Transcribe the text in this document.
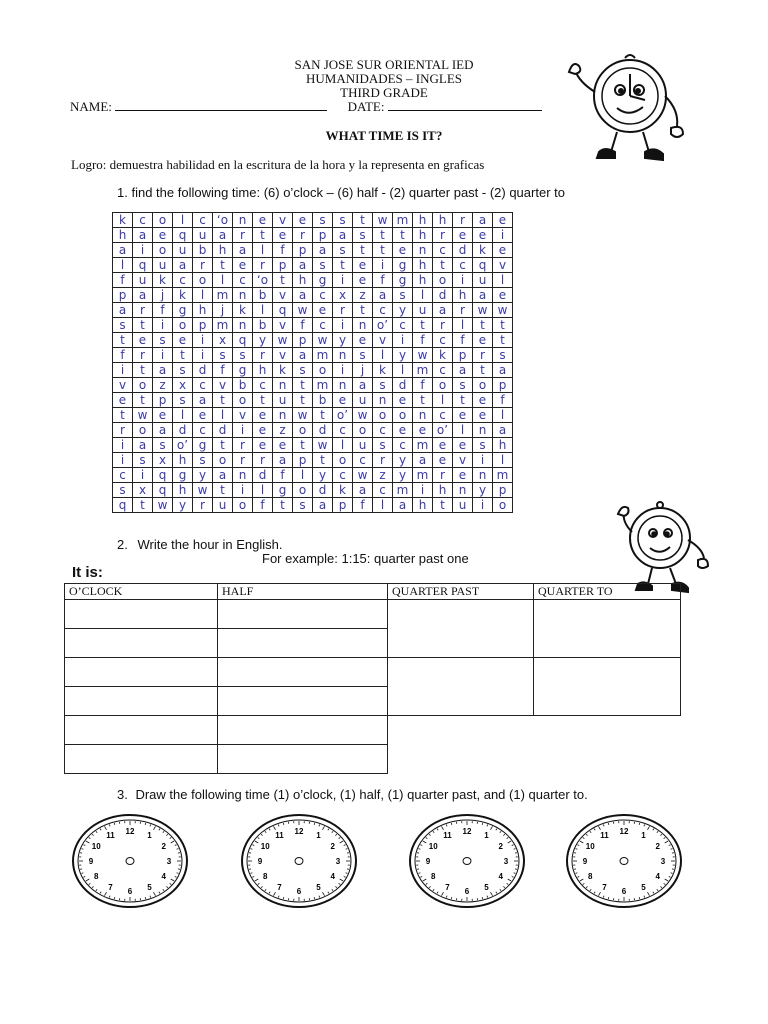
SAN JOSE SUR ORIENTAL IED
HUMANIDADES – INGLES
THIRD GRADE
NAME:	DATE:
WHAT TIME IS IT?
Logro: demuestra habilidad en la escritura de la hora y la representa en graficas
1. find the following time: (6) o’clock – (6) half - (2) quarter past - (2) quarter to
k	c	o	l	c	‘o	n	e	v	e	s	s	t	w	m	h	h	r	a	e
h	a	e	q	u	a	r	t	e	r	p	a	s	t	t	h	r	e	e	i
a	i	o	u	b	h	a	l	f	p	a	s	t	t	e	n	c	d	k	e
l	q	u	a	r	t	e	r	p	a	s	t	e	i	g	h	t	c	q	v
f	u	k	c	o	l	c	‘o	t	h	g	i	e	f	g	h	o	i	u	l
p	a	j	k	l	m	n	b	v	a	c	x	z	a	s	l	d	h	a	e
a	r	f	g	h	j	k	l	q	w	e	r	t	c	y	u	a	r	w	w
s	t	i	o	p	m	n	b	v	f	c	i	n	o’	c	t	r	l	t	t
t	e	s	e	i	x	q	y	w	p	w	y	e	v	i	f	c	f	e	t
f	r	i	t	i	s	s	r	v	a	m	n	s	l	y	w	k	p	r	s
i	t	a	s	d	f	g	h	k	s	o	i	j	k	l	m	c	a	t	a
v	o	z	x	c	v	b	c	n	t	m	n	a	s	d	f	o	s	o	p
e	t	p	s	a	t	o	t	u	t	b	e	u	n	e	t	l	t	e	f
t	w	e	l	e	l	v	e	n	w	t	o’	w	o	o	n	c	e	e	l
r	o	a	d	c	d	i	e	z	o	d	c	o	c	e	e	o’	l	n	a
i	a	s	o’	g	t	r	e	e	t	w	l	u	s	c	m	e	e	s	h
i	s	x	h	s	o	r	r	a	p	t	o	c	r	y	a	e	v	i	l
c	i	q	g	y	a	n	d	f	l	y	c	w	z	y	m	r	e	n	m
s	x	q	h	w	t	i	l	g	o	d	k	a	c	m	i	h	n	y	p
q	t	w	y	r	u	o	f	t	s	a	p	f	l	a	h	t	u	i	o
2. Write the hour in English.
For example: 1:15: quarter past one
It is:
O’CLOCK	HALF	QUARTER PAST	QUARTER TO

3. Draw the following time (1) o’clock, (1) half, (1) quarter past, and (1) quarter to.
12 1
2
3
4
5
6
7
8
9
10
11	12 1
2
3
4
5
6
7
8
9
10
11	12 1
2
3
4
5
6
7
8
9
10
11	12 1
2
3
4
5
6
7
8
9
10
11
